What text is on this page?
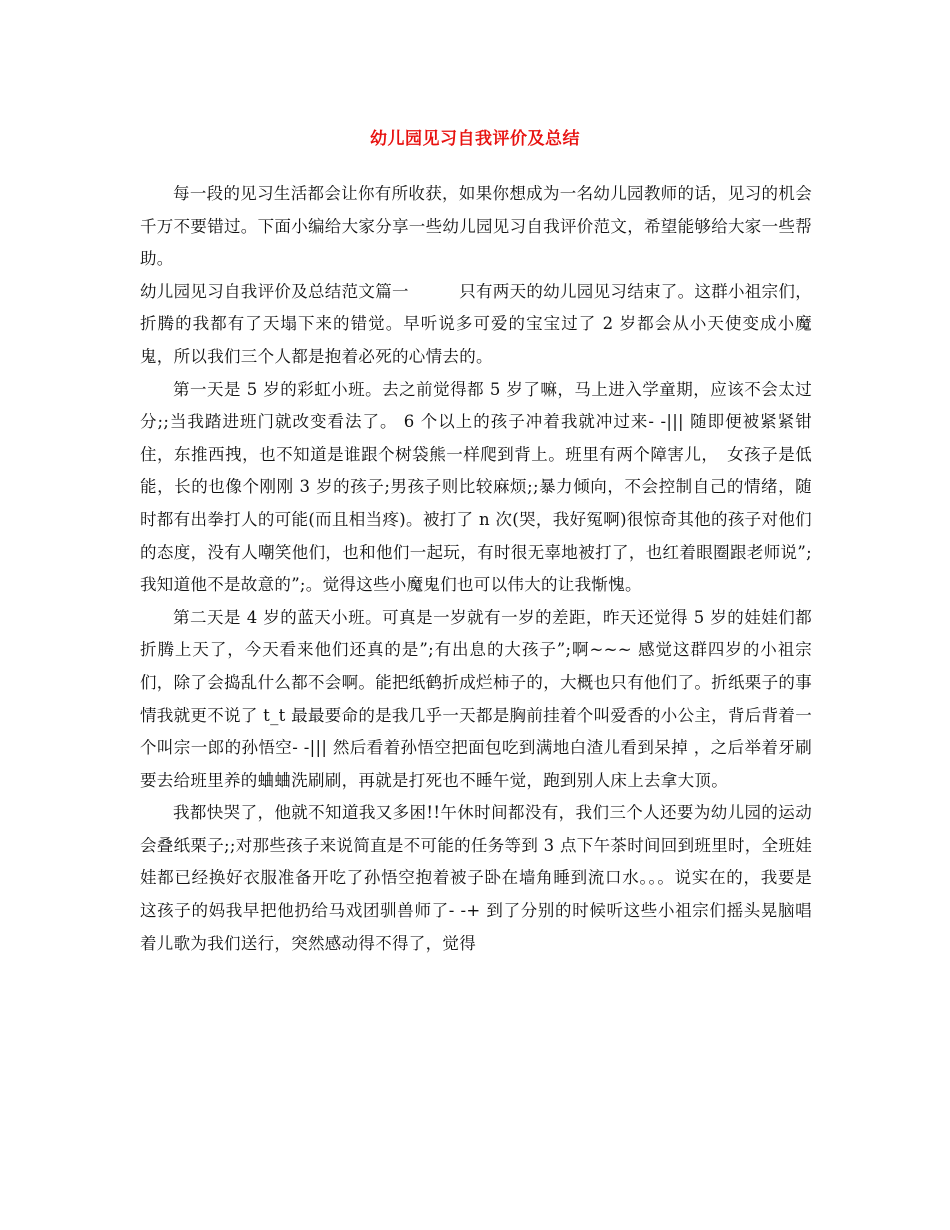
幼儿园见习自我评价及总结

每一段的见习生活都会让你有所收获，如果你想成为一名幼儿园教师的话，见习的机会千万不要错过。下面小编给大家分享一些幼儿园见习自我评价范文，希望能够给大家一些帮助。

幼儿园见习自我评价及总结范文篇一　　　只有两天的幼儿园见习结束了。这群小祖宗们，折腾的我都有了天塌下来的错觉。早听说多可爱的宝宝过了 2 岁都会从小天使变成小魔鬼，所以我们三个人都是抱着必死的心情去的。

第一天是 5 岁的彩虹小班。去之前觉得都 5 岁了嘛，马上进入学童期，应该不会太过分;;当我踏进班门就改变看法了。 6 个以上的孩子冲着我就冲过来- -||| 随即便被紧紧钳住，东推西拽，也不知道是谁跟个树袋熊一样爬到背上。班里有两个障害儿，　女孩子是低能，长的也像个刚刚 3 岁的孩子;男孩子则比较麻烦;;暴力倾向，不会控制自己的情绪，随时都有出拳打人的可能(而且相当疼)。被打了 n 次(哭，我好冤啊)很惊奇其他的孩子对他们的态度，没有人嘲笑他们，也和他们一起玩，有时很无辜地被打了，也红着眼圈跟老师说”;我知道他不是故意的”;。觉得这些小魔鬼们也可以伟大的让我惭愧。

第二天是 4 岁的蓝天小班。可真是一岁就有一岁的差距，昨天还觉得 5 岁的娃娃们都折腾上天了，今天看来他们还真的是”;有出息的大孩子”;啊~~~ 感觉这群四岁的小祖宗们，除了会捣乱什么都不会啊。能把纸鹤折成烂柿子的，大概也只有他们了。折纸栗子的事情我就更不说了 t_t 最最要命的是我几乎一天都是胸前挂着个叫爱香的小公主，背后背着一个叫宗一郎的孙悟空- -||| 然后看着孙悟空把面包吃到满地白渣儿看到呆掉 ，之后举着牙刷要去给班里养的蛐蛐洗刷刷，再就是打死也不睡午觉，跑到别人床上去拿大顶。

我都快哭了，他就不知道我又多困!!午休时间都没有，我们三个人还要为幼儿园的运动会叠纸栗子;;对那些孩子来说简直是不可能的任务等到 3 点下午茶时间回到班里时，全班娃娃都已经换好衣服准备开吃了孙悟空抱着被子卧在墙角睡到流口水。。。说实在的，我要是这孩子的妈我早把他扔给马戏团驯兽师了- -+ 到了分别的时候听这些小祖宗们摇头晃脑唱着儿歌为我们送行，突然感动得不得了，觉得
